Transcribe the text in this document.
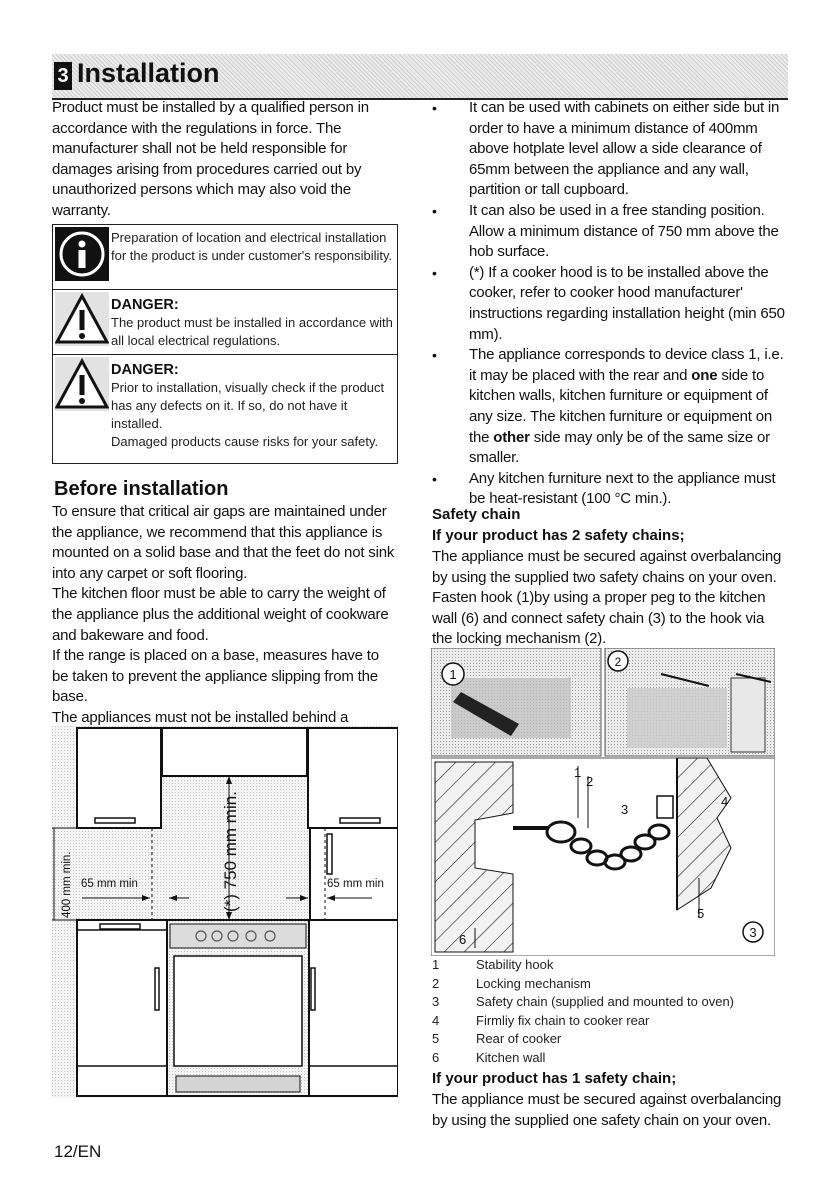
3 Installation
Product must be installed by a qualified person in accordance with the regulations in force. The manufacturer shall not be held responsible for damages arising from procedures carried out by unauthorized persons which may also void the warranty.
Preparation of location and electrical installation for the product is under customer's responsibility.
DANGER:
The product must be installed in accordance with all local electrical regulations.
DANGER:
Prior to installation, visually check if the product has any defects on it. If so, do not have it installed.
Damaged products cause risks for your safety.
Before installation
To ensure that critical air gaps are maintained under the appliance, we recommend that this appliance is mounted on a solid base and that the feet do not sink into any carpet or soft flooring.
The kitchen floor must be able to carry the weight of the appliance plus the additional weight of cookware and bakeware and food.
If the range is placed on a base, measures have to be taken to prevent the appliance slipping from the base.
The appliances must not be installed behind a
(*) 750 mm min.
65 mm min	65 mm min
400 mm min.
• It can be used with cabinets on either side but in order to have a minimum distance of 400mm above hotplate level allow a side clearance of 65mm between the appliance and any wall, partition or tall cupboard.
• It can also be used in a free standing position. Allow a minimum distance of 750 mm above the hob surface.
• (*) If a cooker hood is to be installed above the cooker, refer to cooker hood manufacturer' instructions regarding installation height (min 650 mm).
• The appliance corresponds to device class 1, i.e. it may be placed with the rear and one side to kitchen walls, kitchen furniture or equipment of any size. The kitchen furniture or equipment on the other side may only be of the same size or smaller.
• Any kitchen furniture next to the appliance must be heat-resistant (100 °C min.).
Safety chain
If your product has 2 safety chains;
The appliance must be secured against overbalancing by using the supplied two safety chains on your oven. Fasten hook (1)by using a proper peg to the kitchen wall (6) and connect safety chain (3) to the hook via the locking mechanism (2).
1
2
1
2
3
4
5
6	3
1	Stability hook
2	Locking mechanism
3	Safety chain (supplied and mounted to oven)
4	Firmliy fix chain to cooker rear
5	Rear of cooker
6	Kitchen wall
If your product has 1 safety chain;
The appliance must be secured against overbalancing by using the supplied one safety chain on your oven.
12/EN
